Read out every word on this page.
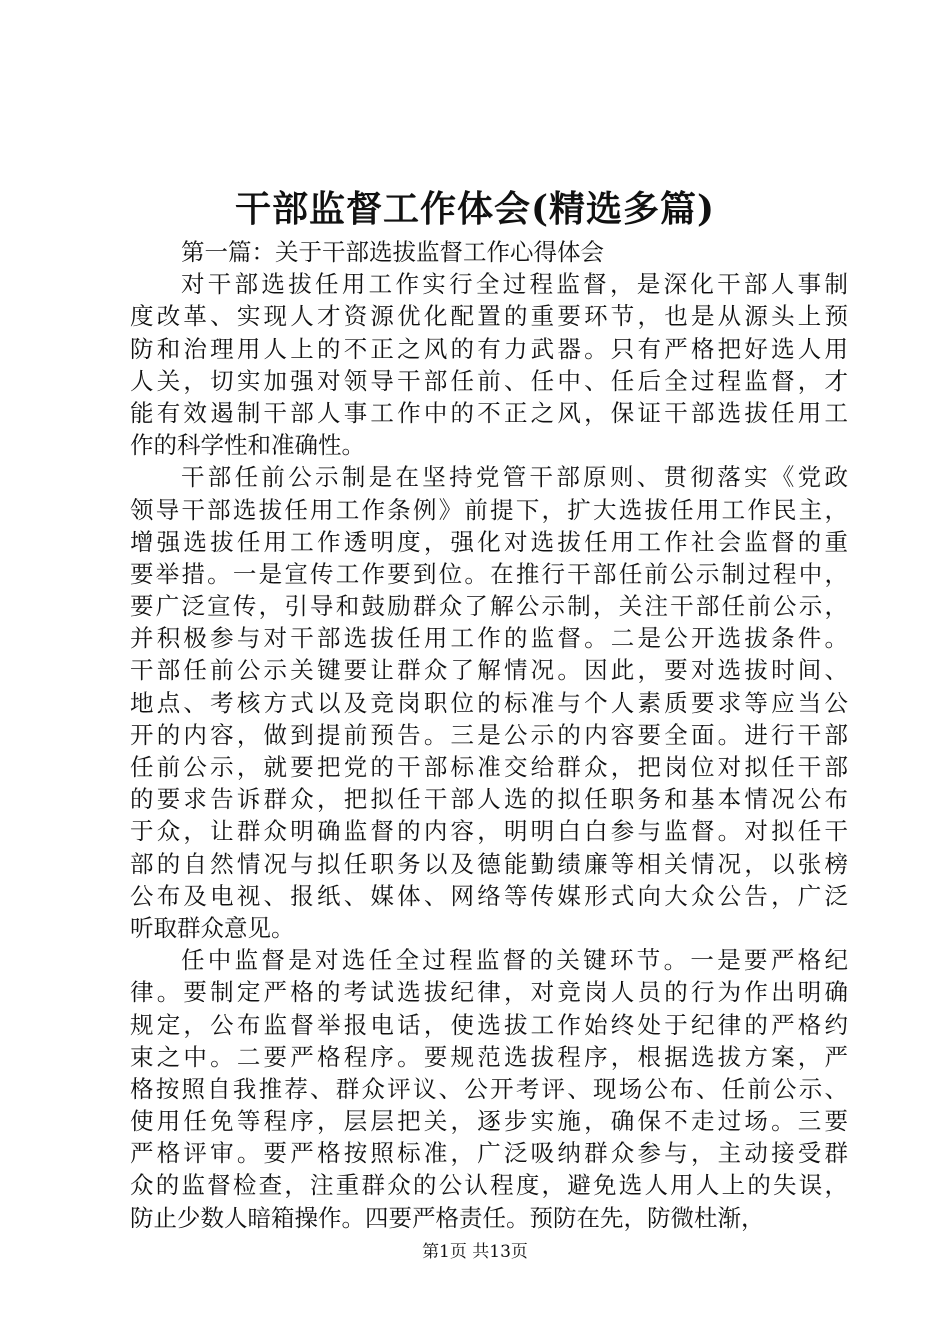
干部监督工作体会(精选多篇)
第一篇：关于干部选拔监督工作心得体会
对干部选拔任用工作实行全过程监督，是深化干部人事制
度改革、实现人才资源优化配置的重要环节，也是从源头上预
防和治理用人上的不正之风的有力武器。只有严格把好选人用
人关，切实加强对领导干部任前、任中、任后全过程监督，才
能有效遏制干部人事工作中的不正之风，保证干部选拔任用工
作的科学性和准确性。
干部任前公示制是在坚持党管干部原则、贯彻落实《党政
领导干部选拔任用工作条例》前提下，扩大选拔任用工作民主，
增强选拔任用工作透明度，强化对选拔任用工作社会监督的重
要举措。一是宣传工作要到位。在推行干部任前公示制过程中，
要广泛宣传，引导和鼓励群众了解公示制，关注干部任前公示，
并积极参与对干部选拔任用工作的监督。二是公开选拔条件。
干部任前公示关键要让群众了解情况。因此，要对选拔时间、
地点、考核方式以及竞岗职位的标准与个人素质要求等应当公
开的内容，做到提前预告。三是公示的内容要全面。进行干部
任前公示，就要把党的干部标准交给群众，把岗位对拟任干部
的要求告诉群众，把拟任干部人选的拟任职务和基本情况公布
于众，让群众明确监督的内容，明明白白参与监督。对拟任干
部的自然情况与拟任职务以及德能勤绩廉等相关情况，以张榜
公布及电视、报纸、媒体、网络等传媒形式向大众公告，广泛
听取群众意见。
任中监督是对选任全过程监督的关键环节。一是要严格纪
律。要制定严格的考试选拔纪律，对竞岗人员的行为作出明确
规定，公布监督举报电话，使选拔工作始终处于纪律的严格约
束之中。二要严格程序。要规范选拔程序，根据选拔方案，严
格按照自我推荐、群众评议、公开考评、现场公布、任前公示、
使用任免等程序，层层把关，逐步实施，确保不走过场。三要
严格评审。要严格按照标准，广泛吸纳群众参与，主动接受群
众的监督检查，注重群众的公认程度，避免选人用人上的失误，
防止少数人暗箱操作。四要严格责任。预防在先，防微杜渐，
第1页 共13页
